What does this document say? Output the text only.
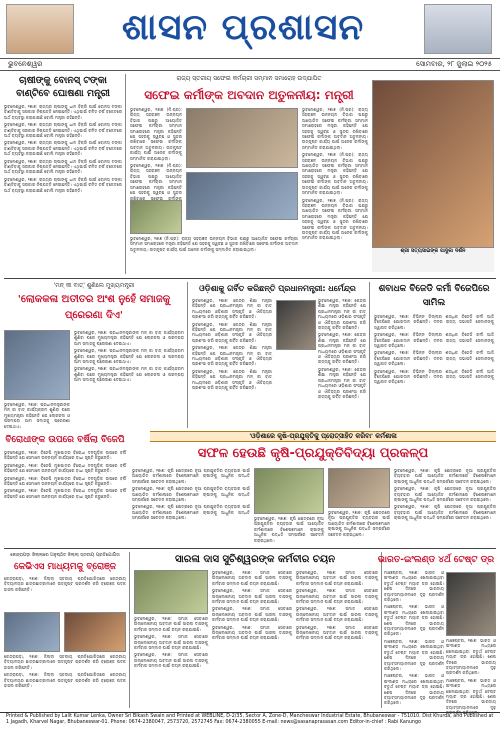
ଶାସନ ପ୍ରଶାସନ
ଭୁବନେଶ୍ୱର	ସୋମବାର, ୨୮ ଜୁଲାଇ ୨୦୨୫
ଚାଷୀଙ୍କୁ ବୋନସ୍ ଟଙ୍କା ବାଣ୍ଟିବେ ଘୋଷଣା ମନ୍ତ୍ରୀ

ଭୁବନେଶ୍ୱର, ୨୭ା୭: ରାଜ୍ୟର ଚାଷୀଙ୍କୁ ଧାନ ବିକ୍ରି ପାଇଁ ବୋନସ୍ ଟଙ୍କା ବାଣ୍ଟିବାକୁ ସରକାର ନିଷ୍ପତ୍ତି ନେଇଛନ୍ତି। ଏଥିପାଇଁ ଚଳିତ ବର୍ଷ ବଜେଟରେ ଅର୍ଥ ବ୍ୟବସ୍ଥା କରାଯାଇଛି ବୋଲି ମନ୍ତ୍ରୀ କହିଛନ୍ତି।

ଭୁବନେଶ୍ୱର, ୨୭ା୭: ରାଜ୍ୟର ଚାଷୀଙ୍କୁ ଧାନ ବିକ୍ରି ପାଇଁ ବୋନସ୍ ଟଙ୍କା ବାଣ୍ଟିବାକୁ ସରକାର ନିଷ୍ପତ୍ତି ନେଇଛନ୍ତି। ଏଥିପାଇଁ ଚଳିତ ବର୍ଷ ବଜେଟରେ ଅର୍ଥ ବ୍ୟବସ୍ଥା କରାଯାଇଛି ବୋଲି ମନ୍ତ୍ରୀ କହିଛନ୍ତି।

ଭୁବନେଶ୍ୱର, ୨୭ା୭: ରାଜ୍ୟର ଚାଷୀଙ୍କୁ ଧାନ ବିକ୍ରି ପାଇଁ ବୋନସ୍ ଟଙ୍କା ବାଣ୍ଟିବାକୁ ସରକାର ନିଷ୍ପତ୍ତି ନେଇଛନ୍ତି। ଏଥିପାଇଁ ଚଳିତ ବର୍ଷ ବଜେଟରେ ଅର୍ଥ ବ୍ୟବସ୍ଥା କରାଯାଇଛି ବୋଲି ମନ୍ତ୍ରୀ କହିଛନ୍ତି।

ଭୁବନେଶ୍ୱର, ୨୭ା୭: ରାଜ୍ୟର ଚାଷୀଙ୍କୁ ଧାନ ବିକ୍ରି ପାଇଁ ବୋନସ୍ ଟଙ୍କା ବାଣ୍ଟିବାକୁ ସରକାର ନିଷ୍ପତ୍ତି ନେଇଛନ୍ତି। ଏଥିପାଇଁ ଚଳିତ ବର୍ଷ ବଜେଟରେ ଅର୍ଥ ବ୍ୟବସ୍ଥା କରାଯାଇଛି ବୋଲି ମନ୍ତ୍ରୀ କହିଛନ୍ତି।

ଭୁବନେଶ୍ୱର, ୨୭ା୭: ରାଜ୍ୟର ଚାଷୀଙ୍କୁ ଧାନ ବିକ୍ରି ପାଇଁ ବୋନସ୍ ଟଙ୍କା ବାଣ୍ଟିବାକୁ ସରକାର ନିଷ୍ପତ୍ତି ନେଇଛନ୍ତି। ଏଥିପାଇଁ ଚଳିତ ବର୍ଷ ବଜେଟରେ ଅର୍ଥ ବ୍ୟବସ୍ଥା କରାଯାଇଛି ବୋଲି ମନ୍ତ୍ରୀ କହିଛନ୍ତି।

ରାଜ୍ୟ ସ୍ତରୀୟ ସଫେଇ କର୍ମଚାରୀ ସମ୍ମାନ ସମାରୋହ ଉଦ୍‌ଯାପିତ
ସଫେଇ କର୍ମୀଙ୍କ ଅବଦାନ ଅତୁଳନୀୟ: ମନ୍ତ୍ରୀ

ଭୁବନେଶ୍ୱର, ୨୭ା୭ (ନି.ପ୍ର): ରାଜ୍ୟ ସହରାଞ୍ଚଳ ଉନ୍ନୟନ ବିଭାଗ ପକ୍ଷରୁ ଆୟୋଜିତ ସଫେଇ କର୍ମଚାରୀ ସମ୍ମାନ ସମାରୋହରେ ମନ୍ତ୍ରୀ କହିଛନ୍ତି ଯେ ସହରକୁ ସ୍ୱଚ୍ଛ ଓ ସୁନ୍ଦର ରଖିବାରେ ସଫେଇ କର୍ମୀଙ୍କ ଅବଦାନ ଅତୁଳନୀୟ। ଉତ୍କୃଷ୍ଟ କାର୍ଯ୍ୟ ପାଇଁ ଅନେକ କର୍ମୀଙ୍କୁ ସମ୍ମାନିତ କରାଯାଇଥିଲା।

ଭୁବନେଶ୍ୱର, ୨୭ା୭ (ନି.ପ୍ର): ରାଜ୍ୟ ସହରାଞ୍ଚଳ ଉନ୍ନୟନ ବିଭାଗ ପକ୍ଷରୁ ଆୟୋଜିତ ସଫେଇ କର୍ମଚାରୀ ସମ୍ମାନ ସମାରୋହରେ ମନ୍ତ୍ରୀ କହିଛନ୍ତି ଯେ ସହରକୁ ସ୍ୱଚ୍ଛ ଓ ସୁନ୍ଦର ରଖିବାରେ ସଫେଇ କର୍ମୀଙ୍କ

ଭୁବନେଶ୍ୱର, ୨୭ା୭ (ନି.ପ୍ର): ରାଜ୍ୟ ସହରାଞ୍ଚଳ ଉନ୍ନୟନ ବିଭାଗ ପକ୍ଷରୁ ଆୟୋଜିତ ସଫେଇ କର୍ମଚାରୀ ସମ୍ମାନ ସମାରୋହରେ ମନ୍ତ୍ରୀ କହିଛନ୍ତି ଯେ ସହରକୁ ସ୍ୱଚ୍ଛ ଓ ସୁନ୍ଦର ରଖିବାରେ ସଫେଇ କର୍ମୀଙ୍କ ଅବଦାନ ଅତୁଳନୀୟ। ଉତ୍କୃଷ୍ଟ କାର୍ଯ୍ୟ ପାଇଁ ଅନେକ କର୍ମୀଙ୍କୁ ସମ୍ମାନିତ କରାଯାଇଥିଲା।

ଭୁବନେଶ୍ୱର, ୨୭ା୭ (ନି.ପ୍ର): ରାଜ୍ୟ ସହରାଞ୍ଚଳ ଉନ୍ନୟନ ବିଭାଗ ପକ୍ଷରୁ ଆୟୋଜିତ ସଫେଇ କର୍ମଚାରୀ ସମ୍ମାନ ସମାରୋହରେ ମନ୍ତ୍ରୀ କହିଛନ୍ତି ଯେ ସହରକୁ ସ୍ୱଚ୍ଛ ଓ ସୁନ୍ଦର ରଖିବାରେ ସଫେଇ କର୍ମୀଙ୍କ ଅବଦାନ ଅତୁଳନୀୟ। ଉତ୍କୃଷ୍ଟ କାର୍ଯ୍ୟ ପାଇଁ ଅନେକ କର୍ମୀଙ୍କୁ ସମ୍ମାନିତ କରାଯାଇଥିଲା।

ଭୁବନେଶ୍ୱର, ୨୭ା୭ (ନି.ପ୍ର): ରାଜ୍ୟ ସହରାଞ୍ଚଳ ଉନ୍ନୟନ ବିଭାଗ ପକ୍ଷରୁ ଆୟୋଜିତ ସଫେଇ କର୍ମଚାରୀ ସମ୍ମାନ ସମାରୋହରେ ମନ୍ତ୍ରୀ କହିଛନ୍ତି ଯେ ସହରକୁ ସ୍ୱଚ୍ଛ ଓ ସୁନ୍ଦର ରଖିବାରେ ସଫେଇ କର୍ମୀଙ୍କ ଅବଦାନ ଅତୁଳନୀୟ। ଉତ୍କୃଷ୍ଟ କାର୍ଯ୍ୟ ପାଇଁ ଅନେକ କର୍ମୀଙ୍କୁ ସମ୍ମାନିତ କରାଯାଇଥିଲା।

ଭୁବନେଶ୍ୱର, ୨୭ା୭ (ନି.ପ୍ର): ରାଜ୍ୟ ସହରାଞ୍ଚଳ ଉନ୍ନୟନ ବିଭାଗ ପକ୍ଷରୁ ଆୟୋଜିତ ସଫେଇ କର୍ମଚାରୀ ସମ୍ମାନ ସମାରୋହରେ ମନ୍ତ୍ରୀ କହିଛନ୍ତି ଯେ ସହରକୁ ସ୍ୱଚ୍ଛ ଓ ସୁନ୍ଦର ରଖିବାରେ ସଫେଇ କର୍ମୀଙ୍କ ଅବଦାନ ଅତୁଳନୀୟ। ଉତ୍କୃଷ୍ଟ କାର୍ଯ୍ୟ ପାଇଁ ଅନେକ କର୍ମୀଙ୍କୁ ସମ୍ମାନିତ କରାଯାଇଥିଲା।	ଶ୍ରୀ ସତ୍ୟସାଇଙ୍କ ପାଦୁକା ଦର୍ଶନ
'ମନ୍ କୀ ବାତ୍' ଶୁଣିଲେ ମୁଖ୍ୟମନ୍ତ୍ରୀ
'ଲୋକକଳା ଅତୀତର ଅଂଶ ନୁହେଁ ସମାଜକୁ ପ୍ରେରଣା ଦିଏ'

ଭୁବନେଶ୍ୱର, ୨୭ା୭: ପ୍ରଧାନମନ୍ତ୍ରୀଙ୍କ ମନ୍ କୀ ବାତ୍ କାର୍ଯ୍ୟକ୍ରମ ଶୁଣିବା ପରେ ମୁଖ୍ୟମନ୍ତ୍ରୀ କହିଛନ୍ତି ଯେ ଲୋକକଳା ଓ ପରମ୍ପରା ଆମ ସମାଜକୁ ପ୍ରେରଣା ଦେଇଥାଏ।

ଭୁବନେଶ୍ୱର, ୨୭ା୭: ପ୍ରଧାନମନ୍ତ୍ରୀଙ୍କ ମନ୍ କୀ ବାତ୍ କାର୍ଯ୍ୟକ୍ରମ ଶୁଣିବା ପରେ ମୁଖ୍ୟମନ୍ତ୍ରୀ କହିଛନ୍ତି ଯେ ଲୋକକଳା ଓ ପରମ୍ପରା ଆମ ସମାଜକୁ ପ୍ରେରଣା ଦେଇଥାଏ।

ଭୁବନେଶ୍ୱର, ୨୭ା୭: ପ୍ରଧାନମନ୍ତ୍ରୀଙ୍କ ମନ୍ କୀ ବାତ୍ କାର୍ଯ୍ୟକ୍ରମ ଶୁଣିବା ପରେ ମୁଖ୍ୟମନ୍ତ୍ରୀ କହିଛନ୍ତି ଯେ ଲୋକକଳା ଓ ପରମ୍ପରା ଆମ ସମାଜକୁ ପ୍ରେରଣା ଦେଇଥାଏ।

ଭୁବନେଶ୍ୱର, ୨୭ା୭: ପ୍ରଧାନମନ୍ତ୍ରୀଙ୍କ ମନ୍ କୀ ବାତ୍ କାର୍ଯ୍ୟକ୍ରମ ଶୁଣିବା ପରେ ମୁଖ୍ୟମନ୍ତ୍ରୀ କହିଛନ୍ତି ଯେ ଲୋକକଳା ଓ ପରମ୍ପରା ଆମ ସମାଜକୁ ପ୍ରେରଣା ଦେଇଥାଏ।

ଓଡ଼ିଶାକୁ ଗର୍ବିତ କରିଛନ୍ତି ପ୍ରଧାନମନ୍ତ୍ରୀ: ଧର୍ମେନ୍ଦ୍ର

ଭୁବନେଶ୍ୱର, ୨୭ା୭: କେନ୍ଦ୍ର ଶିକ୍ଷା ମନ୍ତ୍ରୀ କହିଛନ୍ତି ଯେ ପ୍ରଧାନମନ୍ତ୍ରୀ ମନ୍ କୀ ବାତ୍ ମାଧ୍ୟମରେ ଓଡ଼ିଶାର ସଂସ୍କୃତି ଓ ଐତିହ୍ୟର ପ୍ରଶଂସା କରି ରାଜ୍ୟକୁ ଗର୍ବିତ କରିଛନ୍ତି।

ଭୁବନେଶ୍ୱର, ୨୭ା୭: କେନ୍ଦ୍ର ଶିକ୍ଷା ମନ୍ତ୍ରୀ କହିଛନ୍ତି ଯେ ପ୍ରଧାନମନ୍ତ୍ରୀ ମନ୍ କୀ ବାତ୍ ମାଧ୍ୟମରେ ଓଡ଼ିଶାର ସଂସ୍କୃତି ଓ ଐତିହ୍ୟର ପ୍ରଶଂସା କରି ରାଜ୍ୟକୁ ଗର୍ବିତ କରିଛନ୍ତି।

ଭୁବନେଶ୍ୱର, ୨୭ା୭: କେନ୍ଦ୍ର ଶିକ୍ଷା ମନ୍ତ୍ରୀ କହିଛନ୍ତି ଯେ ପ୍ରଧାନମନ୍ତ୍ରୀ ମନ୍ କୀ ବାତ୍ ମାଧ୍ୟମରେ ଓଡ଼ିଶାର ସଂସ୍କୃତି ଓ ଐତିହ୍ୟର ପ୍ରଶଂସା କରି ରାଜ୍ୟକୁ ଗର୍ବିତ କରିଛନ୍ତି।

ଭୁବନେଶ୍ୱର, ୨୭ା୭: କେନ୍ଦ୍ର ଶିକ୍ଷା ମନ୍ତ୍ରୀ କହିଛନ୍ତି ଯେ ପ୍ରଧାନମନ୍ତ୍ରୀ ମନ୍ କୀ ବାତ୍ ମାଧ୍ୟମରେ ଓଡ଼ିଶାର ସଂସ୍କୃତି ଓ ଐତିହ୍ୟର ପ୍ରଶଂସା କରି ରାଜ୍ୟକୁ ଗର୍ବିତ କରିଛନ୍ତି।

ଭୁବନେଶ୍ୱର, ୨୭ା୭: କେନ୍ଦ୍ର ଶିକ୍ଷା ମନ୍ତ୍ରୀ କହିଛନ୍ତି ଯେ ପ୍ରଧାନମନ୍ତ୍ରୀ ମନ୍ କୀ ବାତ୍ ମାଧ୍ୟମରେ ଓଡ଼ିଶାର ସଂସ୍କୃତି ଓ ଐତିହ୍ୟର ପ୍ରଶଂସା କରି ରାଜ୍ୟକୁ ଗର୍ବିତ କରିଛନ୍ତି।

ଭୁବନେଶ୍ୱର, ୨୭ା୭: କେନ୍ଦ୍ର ଶିକ୍ଷା ମନ୍ତ୍ରୀ କହିଛନ୍ତି ଯେ ପ୍ରଧାନମନ୍ତ୍ରୀ ମନ୍ କୀ ବାତ୍ ମାଧ୍ୟମରେ ଓଡ଼ିଶାର ସଂସ୍କୃତି ଓ ଐତିହ୍ୟର ପ୍ରଶଂସା କରି ରାଜ୍ୟକୁ ଗର୍ବିତ କରିଛନ୍ତି।

ଭୁବନେଶ୍ୱର, ୨୭ା୭: କେନ୍ଦ୍ର ଶିକ୍ଷା ମନ୍ତ୍ରୀ କହିଛନ୍ତି ଯେ ପ୍ରଧାନମନ୍ତ୍ରୀ ମନ୍ କୀ ବାତ୍ ମାଧ୍ୟମରେ ଓଡ଼ିଶାର ସଂସ୍କୃତି ଓ ଐତିହ୍ୟର ପ୍ରଶଂସା କରି ରାଜ୍ୟକୁ ଗର୍ବିତ କରିଛନ୍ତି।

ଶବାଧକ ବିଜେଡି କର୍ମୀ ବିଜେପିରେ ସାମିଲ

ଭୁବନେଶ୍ୱର, ୨୭ା୭: ବିଭିନ୍ନ ଜିଲ୍ଲାର ଶତାଧିକ ବିଜେଡି କର୍ମୀ ଆଜି ବିଜେପିରେ ଯୋଗଦାନ କରିଛନ୍ତି। ଦଳର ରାଜ୍ୟ ସଭାପତି ସେମାନଙ୍କୁ ସ୍ୱାଗତ କରିଥିଲେ।

ଭୁବନେଶ୍ୱର, ୨୭ା୭: ବିଭିନ୍ନ ଜିଲ୍ଲାର ଶତାଧିକ ବିଜେଡି କର୍ମୀ ଆଜି ବିଜେପିରେ ଯୋଗଦାନ କରିଛନ୍ତି। ଦଳର ରାଜ୍ୟ ସଭାପତି ସେମାନଙ୍କୁ ସ୍ୱାଗତ କରିଥିଲେ।

ଭୁବନେଶ୍ୱର, ୨୭ା୭: ବିଭିନ୍ନ ଜିଲ୍ଲାର ଶତାଧିକ ବିଜେଡି କର୍ମୀ ଆଜି ବିଜେପିରେ ଯୋଗଦାନ କରିଛନ୍ତି। ଦଳର ରାଜ୍ୟ ସଭାପତି ସେମାନଙ୍କୁ ସ୍ୱାଗତ କରିଥିଲେ।

ଭୁବନେଶ୍ୱର, ୨୭ା୭: ବିଭିନ୍ନ ଜିଲ୍ଲାର ଶତାଧିକ ବିଜେଡି କର୍ମୀ ଆଜି ବିଜେପିରେ ଯୋଗଦାନ କରିଛନ୍ତି। ଦଳର ରାଜ୍ୟ ସଭାପତି ସେମାନଙ୍କୁ ସ୍ୱାଗତ କରିଥିଲେ।

'ଓଡ଼ିଶାରେ କୃଷି-ପ୍ରଯୁକ୍ତିକୁ ପ୍ରୋତ୍ସାହିତ କରିବା' କର୍ମଶାଳା
ସଫଳ ହେଉଛି କୃଷି-ପ୍ରଯୁକ୍ତିବିଦ୍ୟା ପ୍ରକଳ୍ପ

ଭୁବନେଶ୍ୱର, ୨୭ା୭: କୃଷି କ୍ଷେତ୍ରରେ ନୂଆ ପ୍ରଯୁକ୍ତିର ବ୍ୟବହାର ପାଇଁ ଆୟୋଜିତ କର୍ମଶାଳାରେ ବିଶେଷଜ୍ଞମାନେ ଚାଷୀଙ୍କୁ ଆଧୁନିକ ପଦ୍ଧତି ସମ୍ପର୍କରେ ସଚେତନ କରାଇଥିଲେ।

ଭୁବନେଶ୍ୱର, ୨୭ା୭: କୃଷି କ୍ଷେତ୍ରରେ ନୂଆ ପ୍ରଯୁକ୍ତିର ବ୍ୟବହାର ପାଇଁ ଆୟୋଜିତ କର୍ମଶାଳାରେ ବିଶେଷଜ୍ଞମାନେ ଚାଷୀଙ୍କୁ ଆଧୁନିକ ପଦ୍ଧତି ସମ୍ପର୍କରେ ସଚେତନ କରାଇଥିଲେ।

ଭୁବନେଶ୍ୱର, ୨୭ା୭: କୃଷି କ୍ଷେତ୍ରରେ ନୂଆ ପ୍ରଯୁକ୍ତିର ବ୍ୟବହାର ପାଇଁ ଆୟୋଜିତ କର୍ମଶାଳାରେ ବିଶେଷଜ୍ଞମାନେ ଚାଷୀଙ୍କୁ ଆଧୁନିକ ପଦ୍ଧତି ସମ୍ପର୍କରେ ସଚେତନ କରାଇଥିଲେ।	ଭୁବନେଶ୍ୱର, ୨୭ା୭: କୃଷି କ୍ଷେତ୍ରରେ ନୂଆ ପ୍ରଯୁକ୍ତିର ବ୍ୟବହାର ପାଇଁ ଆୟୋଜିତ କର୍ମଶାଳାରେ ବିଶେଷଜ୍ଞମାନେ ଚାଷୀଙ୍କୁ ଆଧୁନିକ ପଦ୍ଧତି ସମ୍ପର୍କରେ ସଚେତନ କରାଇଥିଲେ।

ଭୁବନେଶ୍ୱର, ୨୭ା୭: କୃଷି କ୍ଷେତ୍ରରେ ନୂଆ ପ୍ରଯୁକ୍ତିର ବ୍ୟବହାର ପାଇଁ ଆୟୋଜିତ କର୍ମଶାଳାରେ ବିଶେଷଜ୍ଞମାନେ ଚାଷୀଙ୍କୁ ଆଧୁନିକ ପଦ୍ଧତି ସମ୍ପର୍କରେ ସଚେତନ କରାଇଥିଲେ।

ଭୁବନେଶ୍ୱର, ୨୭ା୭: କୃଷି କ୍ଷେତ୍ରରେ ନୂଆ ପ୍ରଯୁକ୍ତିର ବ୍ୟବହାର ପାଇଁ ଆୟୋଜିତ କର୍ମଶାଳାରେ ବିଶେଷଜ୍ଞମାନେ ଚାଷୀଙ୍କୁ ଆଧୁନିକ ପଦ୍ଧତି ସମ୍ପର୍କରେ ସଚେତନ କରାଇଥିଲେ।

ଭୁବନେଶ୍ୱର, ୨୭ା୭: କୃଷି କ୍ଷେତ୍ରରେ ନୂଆ ପ୍ରଯୁକ୍ତିର ବ୍ୟବହାର ପାଇଁ ଆୟୋଜିତ କର୍ମଶାଳାରେ ବିଶେଷଜ୍ଞମାନେ ଚାଷୀଙ୍କୁ ଆଧୁନିକ ପଦ୍ଧତି ସମ୍ପର୍କରେ ସଚେତନ କରାଇଥିଲେ।

ଭୁବନେଶ୍ୱର, ୨୭ା୭: କୃଷି କ୍ଷେତ୍ରରେ ନୂଆ ପ୍ରଯୁକ୍ତିର ବ୍ୟବହାର ପାଇଁ ଆୟୋଜିତ କର୍ମଶାଳାରେ ବିଶେଷଜ୍ଞମାନେ ଚାଷୀଙ୍କୁ ଆଧୁନିକ ପଦ୍ଧତି ସମ୍ପର୍କରେ ସଚେତନ କରାଇଥିଲେ।

ବିରୋଧୀଙ୍କ ଉପରେ ବର୍ଷିଲା ବିଜେପି

ଭୁବନେଶ୍ୱର, ୨୭ା୭: ବିଜେପି ମୁଖପାତ୍ର ବିରୋଧୀ ଦଳଗୁଡ଼ିକ ଉପରେ ବର୍ଷି କହିଛନ୍ତି ଯେ ସେମାନେ ଉନ୍ନୟନ କାର୍ଯ୍ୟରେ ବାଧା ସୃଷ୍ଟି କରୁଛନ୍ତି।

ଭୁବନେଶ୍ୱର, ୨୭ା୭: ବିଜେପି ମୁଖପାତ୍ର ବିରୋଧୀ ଦଳଗୁଡ଼ିକ ଉପରେ ବର୍ଷି କହିଛନ୍ତି ଯେ ସେମାନେ ଉନ୍ନୟନ କାର୍ଯ୍ୟରେ ବାଧା ସୃଷ୍ଟି କରୁଛନ୍ତି।

ଭୁବନେଶ୍ୱର, ୨୭ା୭: ବିଜେପି ମୁଖପାତ୍ର ବିରୋଧୀ ଦଳଗୁଡ଼ିକ ଉପରେ ବର୍ଷି କହିଛନ୍ତି ଯେ ସେମାନେ ଉନ୍ନୟନ କାର୍ଯ୍ୟରେ ବାଧା ସୃଷ୍ଟି କରୁଛନ୍ତି।

ଭୁବନେଶ୍ୱର, ୨୭ା୭: ବିଜେପି ମୁଖପାତ୍ର ବିରୋଧୀ ଦଳଗୁଡ଼ିକ ଉପରେ ବର୍ଷି କହିଛନ୍ତି ଯେ ସେମାନେ ଉନ୍ନୟନ କାର୍ଯ୍ୟରେ ବାଧା ସୃଷ୍ଟି କରୁଛନ୍ତି।

କେନ୍ଦ୍ରାପଡ଼ା ଜିଲ୍ଲାରେ ଅନୁଷ୍ଠିତ ଜିଲ୍ଲା ସ୍ତରୀୟ ପ୍ରତିଯୋଗିତା
କେଭିଏସ ମାଧ୍ୟମକୁ ବ୍ରୋଞ୍ଜ

କେନ୍ଦ୍ରାପଡ଼ା, ୨୭ା୭: ଜିଲ୍ଲା ସ୍ତରୀୟ ପ୍ରତିଯୋଗିତାରେ କେନ୍ଦ୍ରୀୟ ବିଦ୍ୟାଳୟର ଛାତ୍ରଛାତ୍ରୀମାନେ ଉତ୍କୃଷ୍ଟ ପ୍ରଦର୍ଶନ କରି ବ୍ରୋଞ୍ଜ ପଦକ ହାସଲ କରିଛନ୍ତି।

କେନ୍ଦ୍ରାପଡ଼ା, ୨୭ା୭: ଜିଲ୍ଲା ସ୍ତରୀୟ ପ୍ରତିଯୋଗିତାରେ କେନ୍ଦ୍ରୀୟ ବିଦ୍ୟାଳୟର ଛାତ୍ରଛାତ୍ରୀମାନେ ଉତ୍କୃଷ୍ଟ ପ୍ରଦର୍ଶନ କରି ବ୍ରୋଞ୍ଜ ପଦକ ହାସଲ କରିଛନ୍ତି।

କେନ୍ଦ୍ରାପଡ଼ା, ୨୭ା୭: ଜିଲ୍ଲା ସ୍ତରୀୟ ପ୍ରତିଯୋଗିତାରେ କେନ୍ଦ୍ରୀୟ ବିଦ୍ୟାଳୟର ଛାତ୍ରଛାତ୍ରୀମାନେ ଉତ୍କୃଷ୍ଟ ପ୍ରଦର୍ଶନ କରି ବ୍ରୋଞ୍ଜ ପଦକ ହାସଲ କରିଛନ୍ତି।

ସାରଳା ଦାସ ସୁଚିଶ୍ୱରଙ୍କ କର୍ମବୀର ଚୟନ

ଭୁବନେଶ୍ୱର, ୨୭ା୭: ସମାଜ ସେବାରେ ଉଲ୍ଲେଖନୀୟ ଅବଦାନ ପାଇଁ ସାରଳା ଦାସଙ୍କୁ କର୍ମବୀର ସମ୍ମାନ ପାଇଁ ଚୟନ କରାଯାଇଛି।

ଭୁବନେଶ୍ୱର, ୨୭ା୭: ସମାଜ ସେବାରେ ଉଲ୍ଲେଖନୀୟ ଅବଦାନ ପାଇଁ ସାରଳା ଦାସଙ୍କୁ କର୍ମବୀର ସମ୍ମାନ ପାଇଁ ଚୟନ କରାଯାଇଛି।

ଭୁବନେଶ୍ୱର, ୨୭ା୭: ସମାଜ ସେବାରେ ଉଲ୍ଲେଖନୀୟ ଅବଦାନ ପାଇଁ ସାରଳା ଦାସଙ୍କୁ କର୍ମବୀର ସମ୍ମାନ ପାଇଁ ଚୟନ କରାଯାଇଛି।

ଭୁବନେଶ୍ୱର, ୨୭ା୭: ସମାଜ ସେବାରେ ଉଲ୍ଲେଖନୀୟ ଅବଦାନ ପାଇଁ ସାରଳା ଦାସଙ୍କୁ କର୍ମବୀର ସମ୍ମାନ ପାଇଁ ଚୟନ କରାଯାଇଛି।

ଭୁବନେଶ୍ୱର, ୨୭ା୭: ସମାଜ ସେବାରେ ଉଲ୍ଲେଖନୀୟ ଅବଦାନ ପାଇଁ ସାରଳା ଦାସଙ୍କୁ କର୍ମବୀର ସମ୍ମାନ ପାଇଁ ଚୟନ କରାଯାଇଛି।

ଭୁବନେଶ୍ୱର, ୨୭ା୭: ସମାଜ ସେବାରେ ଉଲ୍ଲେଖନୀୟ ଅବଦାନ ପାଇଁ ସାରଳା ଦାସଙ୍କୁ କର୍ମବୀର ସମ୍ମାନ ପାଇଁ ଚୟନ କରାଯାଇଛି।

ଭୁବନେଶ୍ୱର, ୨୭ା୭: ସମାଜ ସେବାରେ ଉଲ୍ଲେଖନୀୟ ଅବଦାନ ପାଇଁ ସାରଳା ଦାସଙ୍କୁ କର୍ମବୀର ସମ୍ମାନ ପାଇଁ ଚୟନ କରାଯାଇଛି।

ଭୁବନେଶ୍ୱର, ୨୭ା୭: ସମାଜ ସେବାରେ ଉଲ୍ଲେଖନୀୟ ଅବଦାନ ପାଇଁ ସାରଳା ଦାସଙ୍କୁ କର୍ମବୀର ସମ୍ମାନ ପାଇଁ ଚୟନ କରାଯାଇଛି।

ଭୁବନେଶ୍ୱର, ୨୭ା୭: ସମାଜ ସେବାରେ ଉଲ୍ଲେଖନୀୟ ଅବଦାନ ପାଇଁ ସାରଳା ଦାସଙ୍କୁ କର୍ମବୀର ସମ୍ମାନ ପାଇଁ ଚୟନ କରାଯାଇଛି।

ଭୁବନେଶ୍ୱର, ୨୭ା୭: ସମାଜ ସେବାରେ ଉଲ୍ଲେଖନୀୟ ଅବଦାନ ପାଇଁ ସାରଳା ଦାସଙ୍କୁ କର୍ମବୀର ସମ୍ମାନ ପାଇଁ ଚୟନ କରାଯାଇଛି।

ଭୁବନେଶ୍ୱର, ୨୭ା୭: ସମାଜ ସେବାରେ ଉଲ୍ଲେଖନୀୟ ଅବଦାନ ପାଇଁ ସାରଳା ଦାସଙ୍କୁ କର୍ମବୀର ସମ୍ମାନ ପାଇଁ ଚୟନ କରାଯାଇଛି।

ଭାରତ-ଇଂଲଣ୍ଡ ୪ର୍ଥ ଟେଷ୍ଟ ଡ୍ର

ମାଞ୍ଚେଷ୍ଟର, ୨୭ା୭: ଭାରତ ଓ ଇଂଲଣ୍ଡ ମଧ୍ୟରେ ଖେଳାଯାଇଥିବା ଚତୁର୍ଥ ଟେଷ୍ଟ ମ୍ୟାଚ ଡ୍ର ହୋଇଛି। ଶେଷ ଦିନରେ ଭାରତୀୟ ବ୍ୟାଟ୍ସମ୍ୟାନମାନେ ଦୃଢ଼ ପ୍ରଦର୍ଶନ କରିଥିଲେ।

ମାଞ୍ଚେଷ୍ଟର, ୨୭ା୭: ଭାରତ ଓ ଇଂଲଣ୍ଡ ମଧ୍ୟରେ ଖେଳାଯାଇଥିବା ଚତୁର୍ଥ ଟେଷ୍ଟ ମ୍ୟାଚ ଡ୍ର ହୋଇଛି। ଶେଷ ଦିନରେ ଭାରତୀୟ ବ୍ୟାଟ୍ସମ୍ୟାନମାନେ ଦୃଢ଼ ପ୍ରଦର୍ଶନ କରିଥିଲେ।

ମାଞ୍ଚେଷ୍ଟର, ୨୭ା୭: ଭାରତ ଓ ଇଂଲଣ୍ଡ ମଧ୍ୟରେ ଖେଳାଯାଇଥିବା ଚତୁର୍ଥ ଟେଷ୍ଟ ମ୍ୟାଚ ଡ୍ର ହୋଇଛି। ଶେଷ ଦିନରେ ଭାରତୀୟ ବ୍ୟାଟ୍ସମ୍ୟାନମାନେ ଦୃଢ଼ ପ୍ରଦର୍ଶନ କରିଥିଲେ।

ମାଞ୍ଚେଷ୍ଟର, ୨୭ା୭: ଭାରତ ଓ ଇଂଲଣ୍ଡ ମଧ୍ୟରେ ଖେଳାଯାଇଥିବା ଚତୁର୍ଥ ଟେଷ୍ଟ ମ୍ୟାଚ ଡ୍ର ହୋଇଛି। ଶେଷ ଦିନରେ ଭାରତୀୟ ବ୍ୟାଟ୍ସମ୍ୟାନମାନେ ଦୃଢ଼ ପ୍ରଦର୍ଶନ କରିଥିଲେ।

ମାଞ୍ଚେଷ୍ଟର, ୨୭ା୭: ଭାରତ ଓ ଇଂଲଣ୍ଡ ମଧ୍ୟରେ ଖେଳାଯାଇଥିବା ଚତୁର୍ଥ ଟେଷ୍ଟ ମ୍ୟାଚ ଡ୍ର ହୋଇଛି। ଶେଷ ଦିନରେ ଭାରତୀୟ ବ୍ୟାଟ୍ସମ୍ୟାନମାନେ ଦୃଢ଼ ପ୍ରଦର୍ଶନ କରିଥିଲେ।

ମାଞ୍ଚେଷ୍ଟର, ୨୭ା୭: ଭାରତ ଓ ଇଂଲଣ୍ଡ ମଧ୍ୟରେ ଖେଳାଯାଇଥିବା ଚତୁର୍ଥ ଟେଷ୍ଟ ମ୍ୟାଚ ଡ୍ର ହୋଇଛି। ଶେଷ ଦିନରେ ଭାରତୀୟ ବ୍ୟାଟ୍ସମ୍ୟାନମାନେ ଦୃଢ଼ ପ୍ରଦର୍ଶନ କରିଥିଲେ।

Printed & Published by Lalit Kumar Lenka, Owner Sri Bikash Swain and Printed at WEBLINE, D-2/35, Sector A, Zone-D, Mancheswar Industrial Estate, Bhubaneswar - 751010. Dist Khurda, and Published at 1 Jagadh, Kharvel Nagar, Bhubaneswar-01. Phone: 0674-2380047, 2573720, 2572745 Fax: 0674-2380055 E-mail: news@sasanaprasasan.com Editor-in-chief : Rabi Kanungo
